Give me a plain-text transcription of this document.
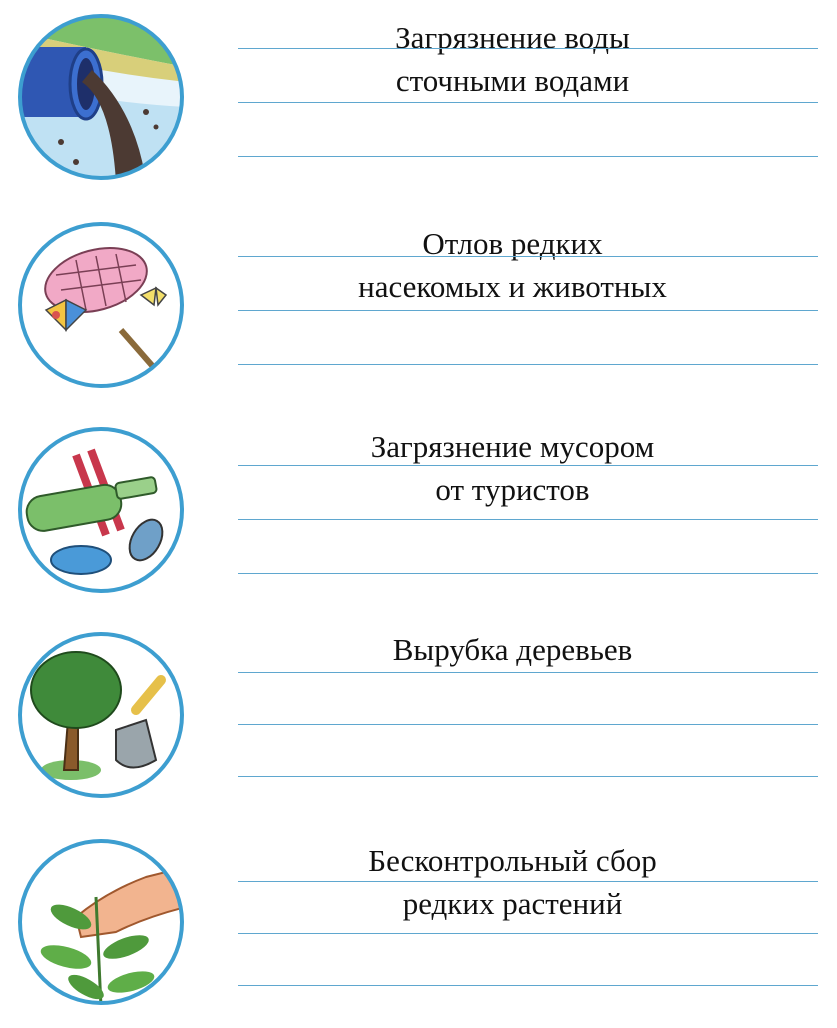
Загрязнение воды
сточными водами
Отлов редких
насекомых и животных
Загрязнение мусором
от туристов
Вырубка деревьев
Бесконтрольный сбор
редких растений
